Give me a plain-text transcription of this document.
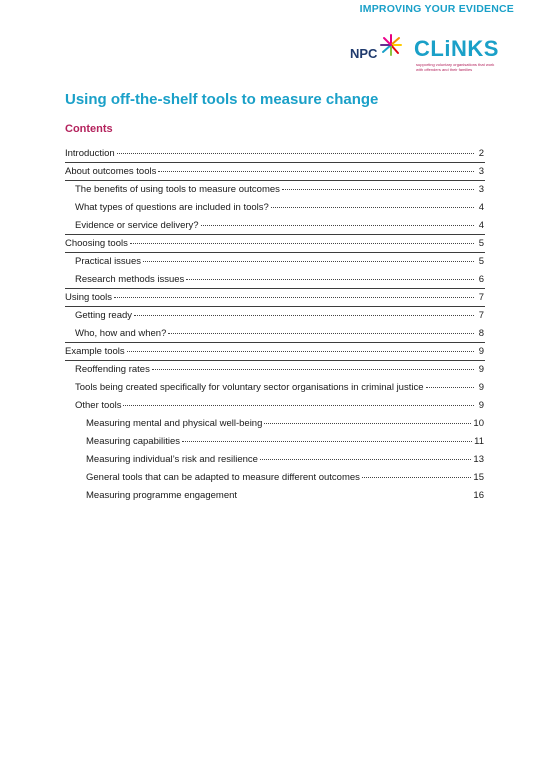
IMPROVING YOUR EVIDENCE
NPC CLiNKS
supporting voluntary organisations that work with offenders and their families
Using off-the-shelf tools to measure change
Contents
Introduction	2
About outcomes tools	3
The benefits of using tools to measure outcomes	3
What types of questions are included in tools?	4
Evidence or service delivery?	4
Choosing tools	5
Practical issues	5
Research methods issues	6
Using tools	7
Getting ready	7
Who, how and when?	8
Example tools	9
Reoffending rates	9
Tools being created specifically for voluntary sector organisations in criminal justice	9
Other tools	9
Measuring mental and physical well-being	10
Measuring capabilities	11
Measuring individual’s risk and resilience	13
General tools that can be adapted to measure different outcomes	15
Measuring programme engagement	16
